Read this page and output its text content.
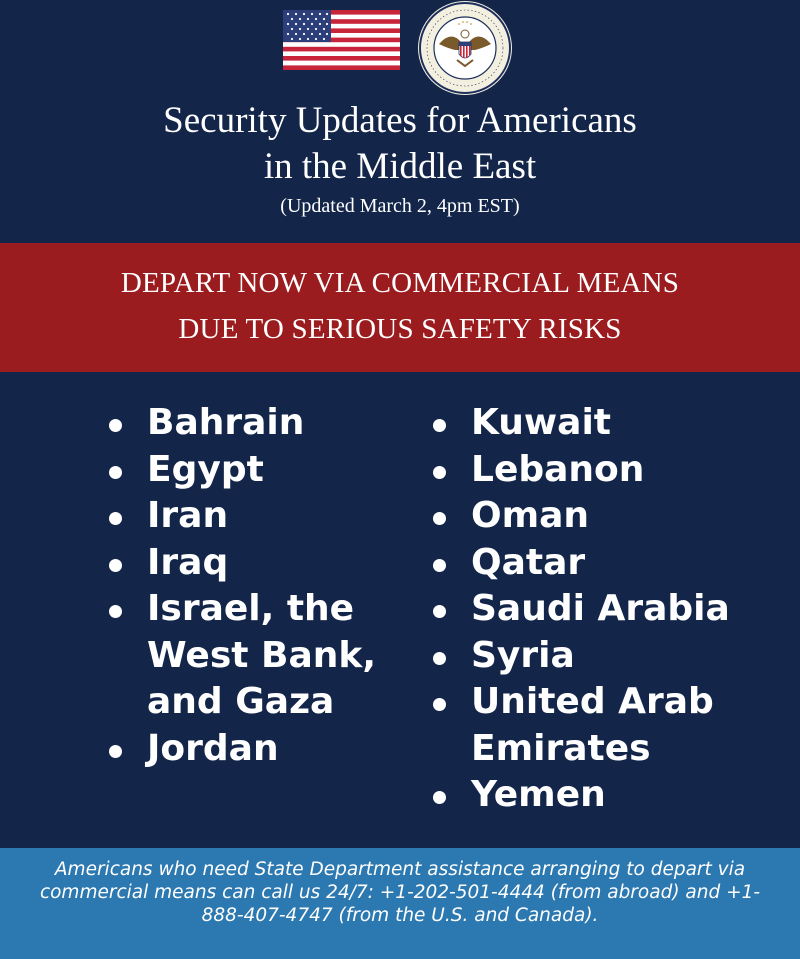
Security Updates for Americans
in the Middle East
(Updated March 2, 4pm EST)
DEPART NOW VIA COMMERCIAL MEANS
DUE TO SERIOUS SAFETY RISKS
Bahrain
Egypt
Iran
Iraq
Israel, the
West Bank,
and Gaza
Jordan
Kuwait
Lebanon
Oman
Qatar
Saudi Arabia
Syria
United Arab
Emirates
Yemen
Americans who need State Department assistance arranging to depart via
commercial means can call us 24/7: +1-202-501-4444 (from abroad) and +1-
888-407-4747 (from the U.S. and Canada).
